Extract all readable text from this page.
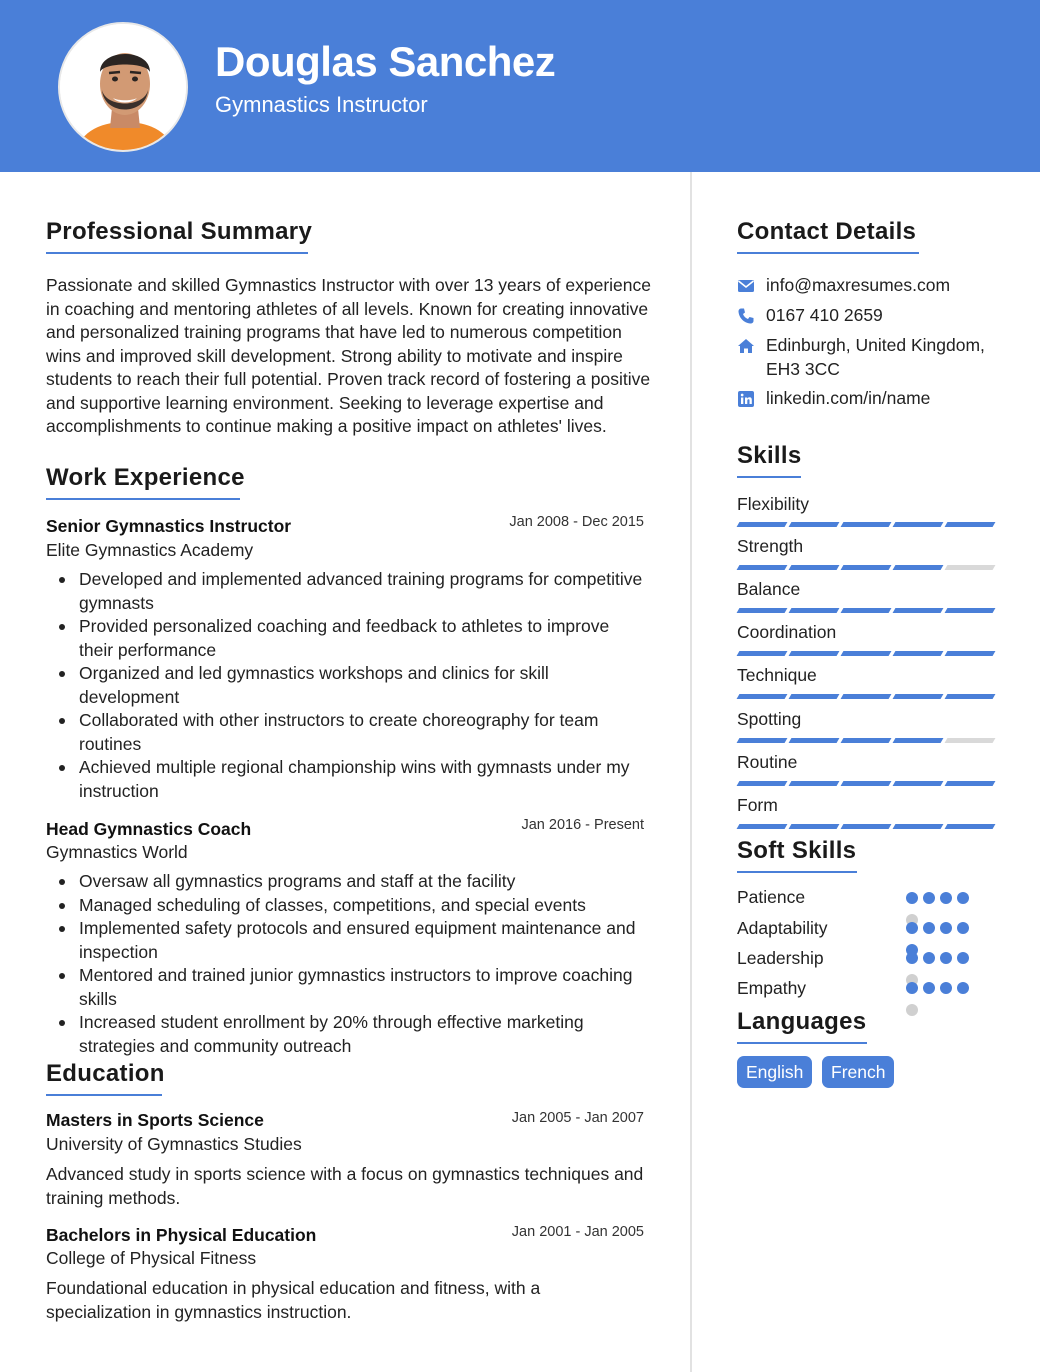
Douglas Sanchez
Gymnastics Instructor
Professional Summary
Passionate and skilled Gymnastics Instructor with over 13 years of experience in coaching and mentoring athletes of all levels. Known for creating innovative and personalized training programs that have led to numerous competition wins and improved skill development. Strong ability to motivate and inspire students to reach their full potential. Proven track record of fostering a positive and supportive learning environment. Seeking to leverage expertise and accomplishments to continue making a positive impact on athletes' lives.
Work Experience
Senior Gymnastics Instructor	Jan 2008 - Dec 2015
Elite Gymnastics Academy
Developed and implemented advanced training programs for competitive gymnasts
Provided personalized coaching and feedback to athletes to improve their performance
Organized and led gymnastics workshops and clinics for skill development
Collaborated with other instructors to create choreography for team routines
Achieved multiple regional championship wins with gymnasts under my instruction
Head Gymnastics Coach	Jan 2016 - Present
Gymnastics World
Oversaw all gymnastics programs and staff at the facility
Managed scheduling of classes, competitions, and special events
Implemented safety protocols and ensured equipment maintenance and inspection
Mentored and trained junior gymnastics instructors to improve coaching skills
Increased student enrollment by 20% through effective marketing strategies and community outreach
Education
Masters in Sports Science	Jan 2005 - Jan 2007
University of Gymnastics Studies
Advanced study in sports science with a focus on gymnastics techniques and training methods.
Bachelors in Physical Education	Jan 2001 - Jan 2005
College of Physical Fitness
Foundational education in physical education and fitness, with a specialization in gymnastics instruction.
Contact Details
info@maxresumes.com
0167 410 2659
Edinburgh, United Kingdom, EH3 3CC
linkedin.com/in/name
Skills
Flexibility
Strength
Balance
Coordination
Technique
Spotting
Routine
Form
Soft Skills
Patience
Adaptability
Leadership
Empathy
Languages
English	French
